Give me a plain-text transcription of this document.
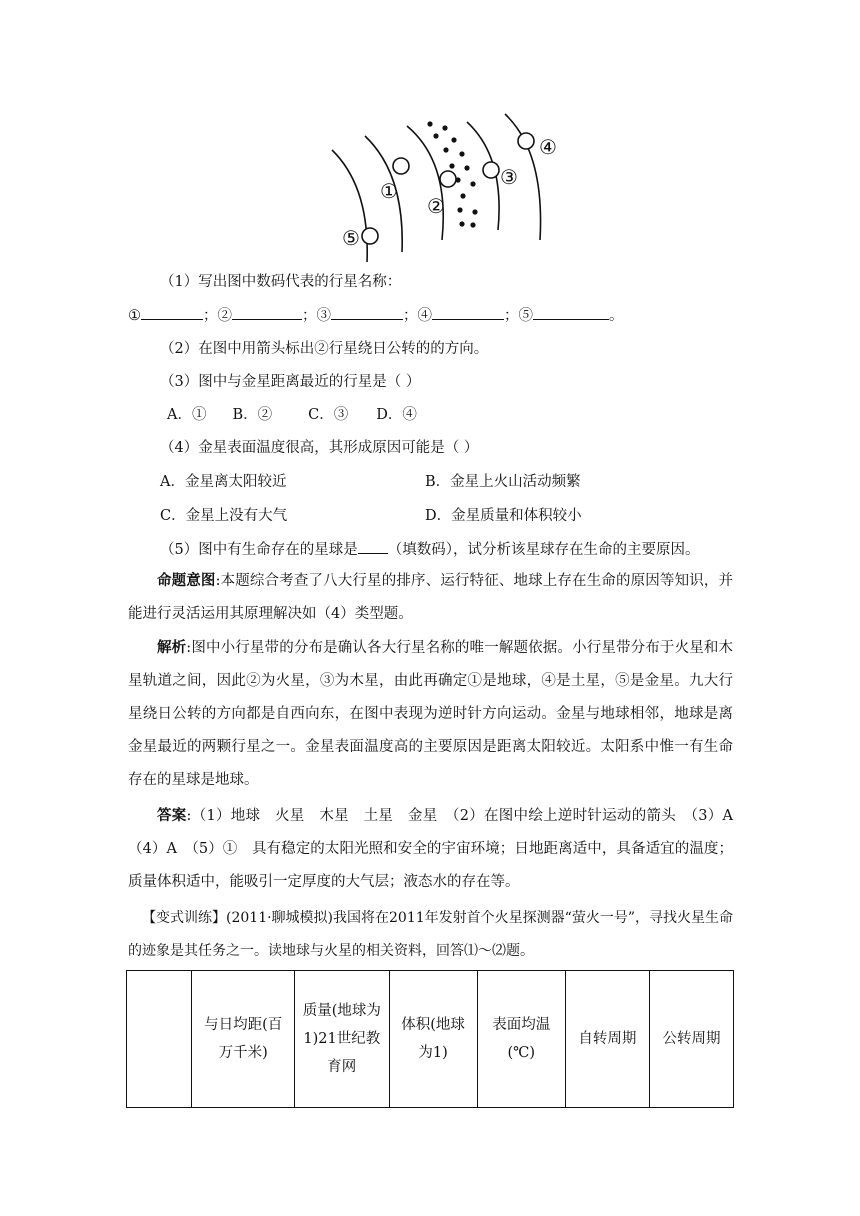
①
②
③
④
⑤
（1）写出图中数码代表的行星名称：
①	；②	；③	；④	；⑤	。
（2）在图中用箭头标出②行星绕日公转的的方向。
（3）图中与金星距离最近的行星是（ ）
A．① B．② C．③ D．④
（4）金星表面温度很高，其形成原因可能是（ ）
A．金星离太阳较近	B．金星上火山活动频繁
C．金星上没有大气	D．金星质量和体积较小
（5）图中有生命存在的星球是 （填数码），试分析该星球存在生命的主要原因。

命题意图:本题综合考查了八大行星的排序、运行特征、地球上存在生命的原因等知识，并能进行灵活运用其原理解决如（4）类型题。

解析:图中小行星带的分布是确认各大行星名称的唯一解题依据。小行星带分布于火星和木星轨道之间，因此②为火星，③为木星，由此再确定①是地球，④是土星，⑤是金星。九大行星绕日公转的方向都是自西向东，在图中表现为逆时针方向运动。金星与地球相邻，地球是离金星最近的两颗行星之一。金星表面温度高的主要原因是距离太阳较近。太阳系中惟一有生命存在的星球是地球。

答案:（1）地球　火星　木星　土星　金星　（2）在图中绘上逆时针运动的箭头　（3）A　（4）A　（5）①　具有稳定的太阳光照和安全的宇宙环境；日地距离适中，具备适宜的温度；质量体积适中，能吸引一定厚度的大气层；液态水的存在等。

【变式训练】(2011·聊城模拟)我国将在2011年发射首个火星探测器“萤火一号”，寻找火星生命的迹象是其任务之一。读地球与火星的相关资料，回答⑴～⑵题。

	与日均距(百万千米)	质量(地球为1)21世纪教育网	体积(地球为1)	表面均温(℃)	自转周期	公转周期
